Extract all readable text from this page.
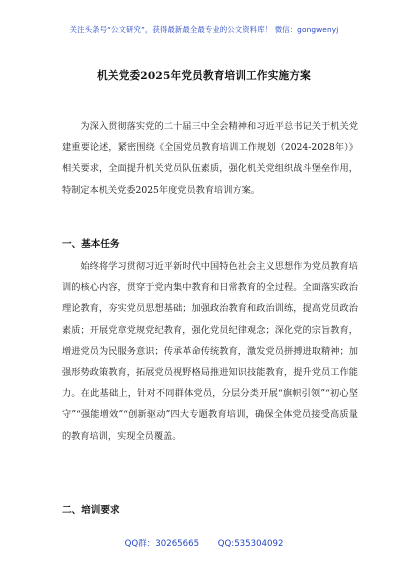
关注头条号“公文研究”，获得最新最全最专业的公文资料库！ 微信：gongwenyj
机关党委2025年党员教育培训工作实施方案

为深入贯彻落实党的二十届三中全会精神和习近平总书记关于机关党建重要论述，紧密围绕《全国党员教育培训工作规划（2024-2028年）》相关要求，全面提升机关党员队伍素质，强化机关党组织战斗堡垒作用，特制定本机关党委2025年度党员教育培训方案。

一、基本任务

始终将学习贯彻习近平新时代中国特色社会主义思想作为党员教育培训的核心内容，贯穿于党内集中教育和日常教育的全过程。全面落实政治理论教育，夯实党员思想基础；加强政治教育和政治训练，提高党员政治素质；开展党章党规党纪教育，强化党员纪律观念；深化党的宗旨教育，增进党员为民服务意识；传承革命传统教育，激发党员拼搏进取精神；加强形势政策教育，拓展党员视野格局推进知识技能教育，提升党员工作能力。在此基础上，针对不同群体党员，分层分类开展“旗帜引领”“初心坚守”“强能增效”“创新驱动”四大专题教育培训，确保全体党员接受高质量的教育培训，实现全员覆盖。

二、培训要求
QQ群：30265665 QQ:535304092
